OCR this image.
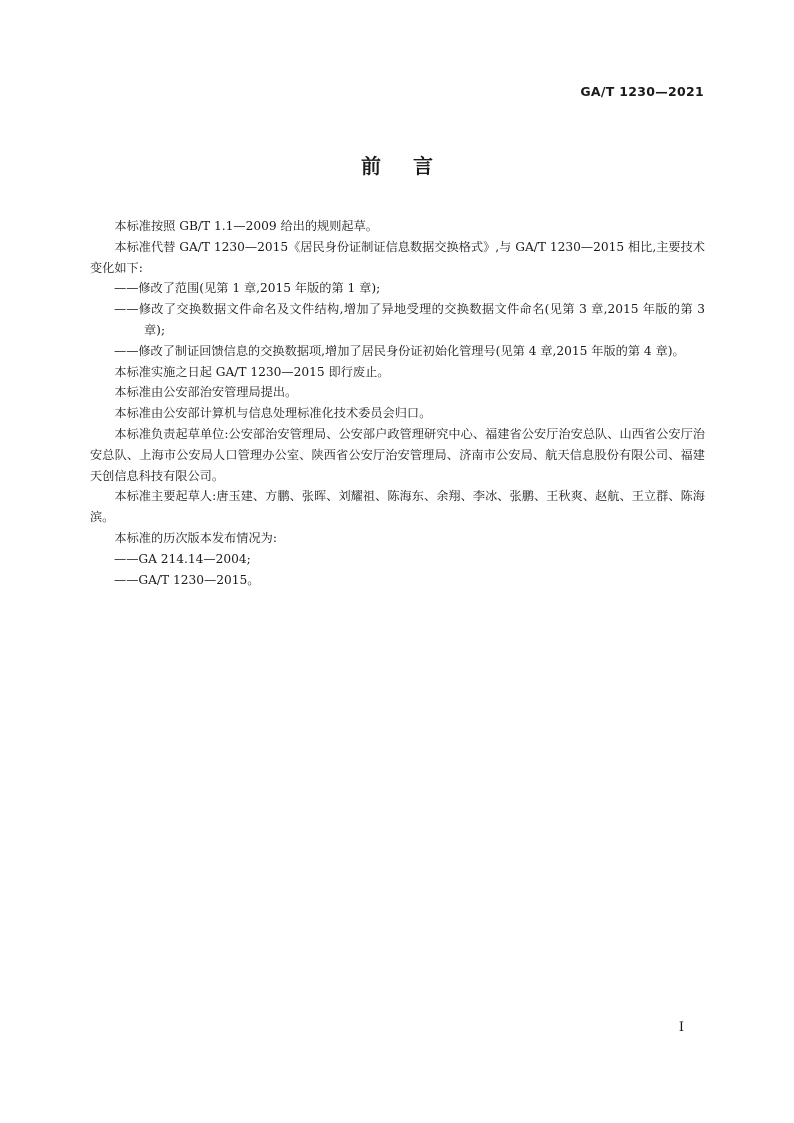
GA/T 1230—2021
前言

本标准按照 GB/T 1.1—2009 给出的规则起草。

本标准代替 GA/T 1230—2015《居民身份证制证信息数据交换格式》,与 GA/T 1230—2015 相比,主要技术变化如下:

——修改了范围(见第 1 章,2015 年版的第 1 章);

——修改了交换数据文件命名及文件结构,增加了异地受理的交换数据文件命名(见第 3 章,2015 年版的第 3 章);

——修改了制证回馈信息的交换数据项,增加了居民身份证初始化管理号(见第 4 章,2015 年版的第 4 章)。

本标准实施之日起 GA/T 1230—2015 即行废止。

本标准由公安部治安管理局提出。

本标准由公安部计算机与信息处理标准化技术委员会归口。

本标准负责起草单位:公安部治安管理局、公安部户政管理研究中心、福建省公安厅治安总队、山西省公安厅治安总队、上海市公安局人口管理办公室、陕西省公安厅治安管理局、济南市公安局、航天信息股份有限公司、福建天创信息科技有限公司。

本标准主要起草人:唐玉建、方鹏、张晖、刘耀祖、陈海东、余翔、李冰、张鹏、王秋爽、赵航、王立群、陈海滨。

本标准的历次版本发布情况为:

——GA 214.14—2004;

——GA/T 1230—2015。

I
